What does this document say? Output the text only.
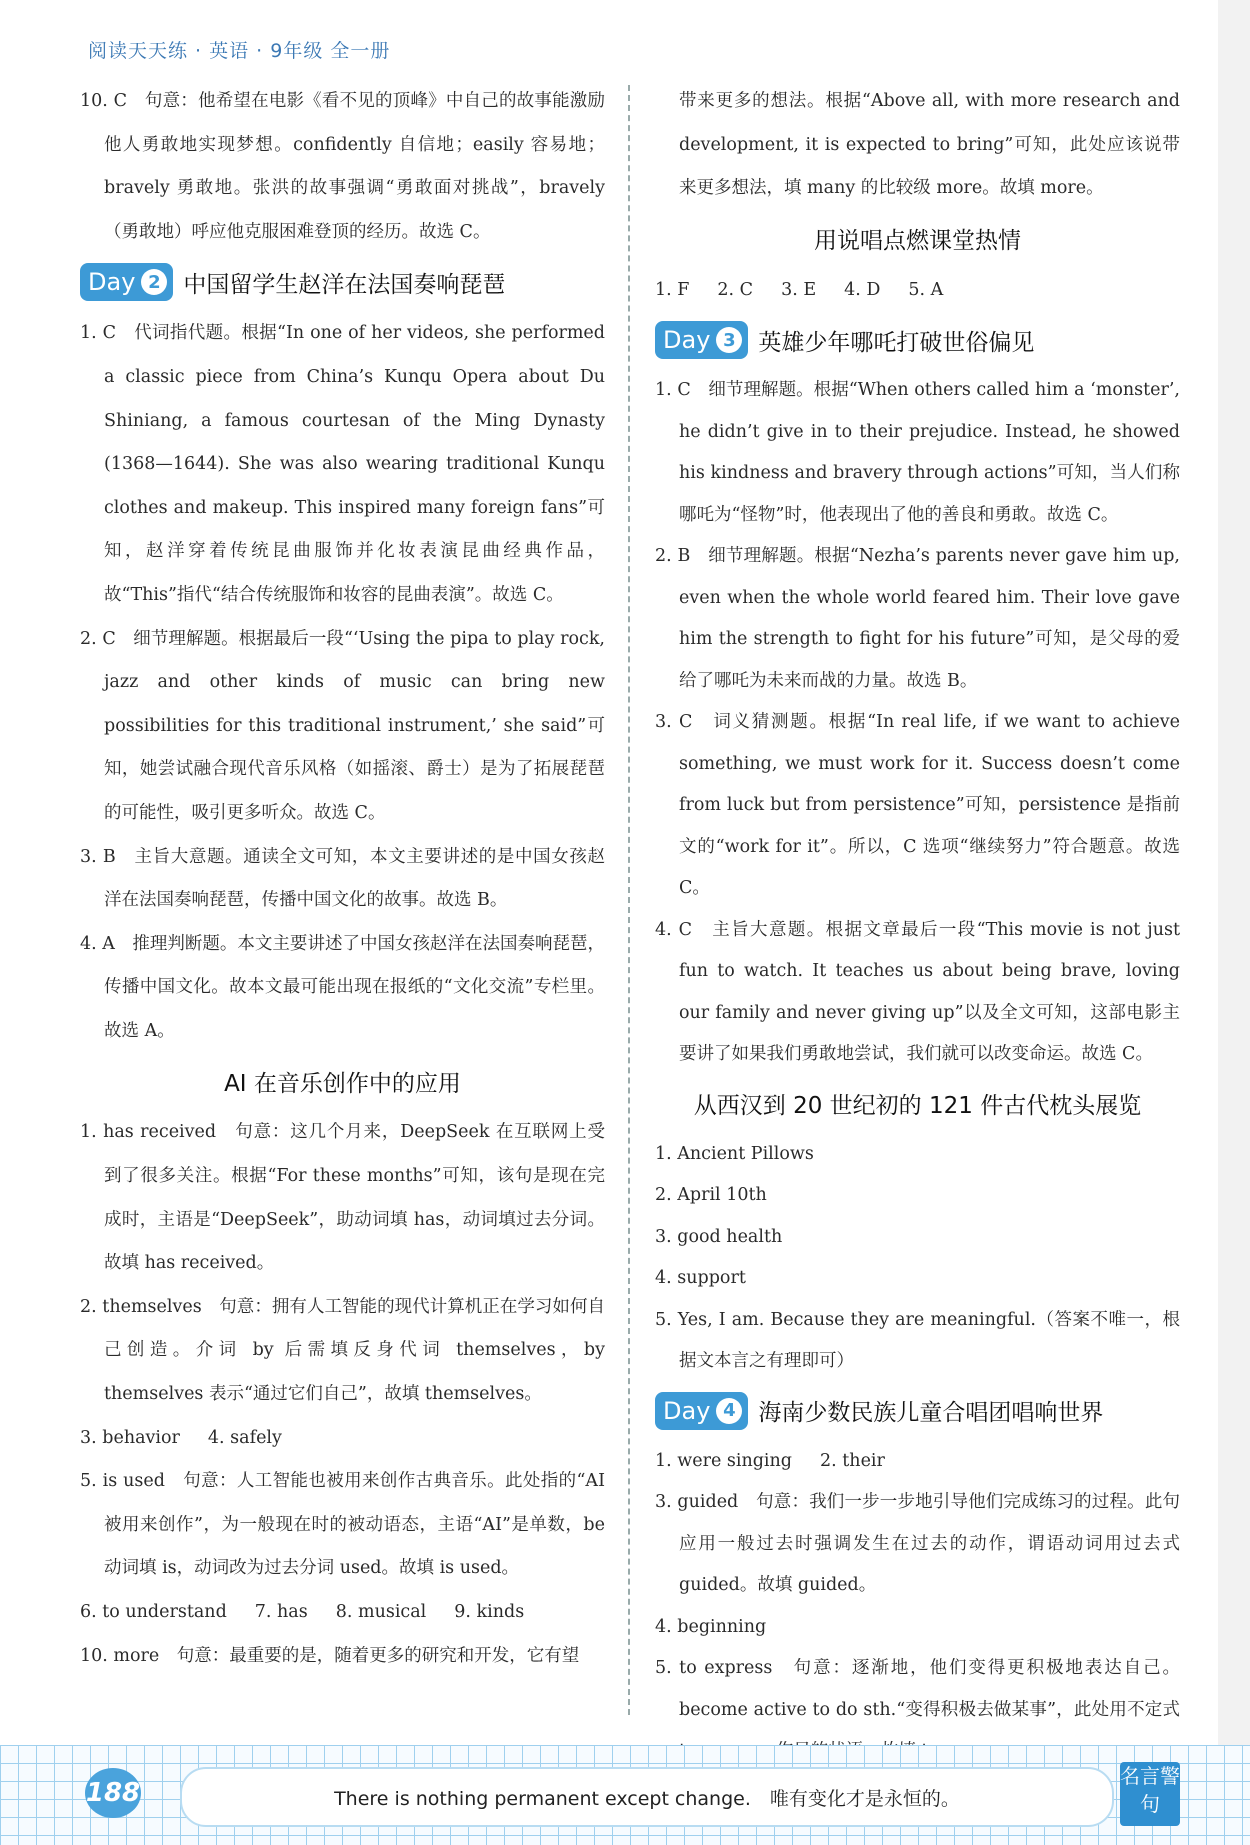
阅读天天练 · 英语 · 9年级 全一册

10. C　句意：他希望在电影《看不见的顶峰》中自己的故事能激励他人勇敢地实现梦想。confidently 自信地；easily 容易地；bravely 勇敢地。张洪的故事强调“勇敢面对挑战”，bravely（勇敢地）呼应他克服困难登顶的经历。故选 C。

Day 2 中国留学生赵洋在法国奏响琵琶

1. C　代词指代题。根据“In one of her videos, she performed a classic piece from China’s Kunqu Opera about Du Shiniang, a famous courtesan of the Ming Dynasty (1368—1644). She was also wearing traditional Kunqu clothes and makeup. This inspired many foreign fans”可知，赵洋穿着传统昆曲服饰并化妆表演昆曲经典作品，故“This”指代“结合传统服饰和妆容的昆曲表演”。故选 C。

2. C　细节理解题。根据最后一段“‘Using the pipa to play rock, jazz and other kinds of music can bring new possibilities for this traditional instrument,’ she said”可知，她尝试融合现代音乐风格（如摇滚、爵士）是为了拓展琵琶的可能性，吸引更多听众。故选 C。

3. B　主旨大意题。通读全文可知，本文主要讲述的是中国女孩赵洋在法国奏响琵琶，传播中国文化的故事。故选 B。

4. A　推理判断题。本文主要讲述了中国女孩赵洋在法国奏响琵琶，传播中国文化。故本文最可能出现在报纸的“文化交流”专栏里。故选 A。

AI 在音乐创作中的应用

1. has received　句意：这几个月来，DeepSeek 在互联网上受到了很多关注。根据“For these months”可知，该句是现在完成时，主语是“DeepSeek”，助动词填 has，动词填过去分词。故填 has received。

2. themselves　句意：拥有人工智能的现代计算机正在学习如何自己创造。介词 by 后需填反身代词 themselves，by themselves 表示“通过它们自己”，故填 themselves。

3. behavior 4. safely

5. is used　句意：人工智能也被用来创作古典音乐。此处指的“AI 被用来创作”，为一般现在时的被动语态，主语“AI”是单数，be 动词填 is，动词改为过去分词 used。故填 is used。

6. to understand 7. has 8. musical 9. kinds

10. more　句意：最重要的是，随着更多的研究和开发，它有望

带来更多的想法。根据“Above all, with more research and development, it is expected to bring”可知，此处应该说带来更多想法，填 many 的比较级 more。故填 more。

用说唱点燃课堂热情
1. F 2. C 3. E 4. D 5. A
Day 3 英雄少年哪吒打破世俗偏见

1. C　细节理解题。根据“When others called him a ‘monster’, he didn’t give in to their prejudice. Instead, he showed his kindness and bravery through actions”可知，当人们称哪吒为“怪物”时，他表现出了他的善良和勇敢。故选 C。

2. B　细节理解题。根据“Nezha’s parents never gave him up, even when the whole world feared him. Their love gave him the strength to fight for his future”可知，是父母的爱给了哪吒为未来而战的力量。故选 B。

3. C　词义猜测题。根据“In real life, if we want to achieve something, we must work for it. Success doesn’t come from luck but from persistence”可知，persistence 是指前文的“work for it”。所以，C 选项“继续努力”符合题意。故选 C。

4. C　主旨大意题。根据文章最后一段“This movie is not just fun to watch. It teaches us about being brave, loving our family and never giving up”以及全文可知，这部电影主要讲了如果我们勇敢地尝试，我们就可以改变命运。故选 C。

从西汉到 20 世纪初的 121 件古代枕头展览

1. Ancient Pillows

2. April 10th

3. good health

4. support

5. Yes, I am. Because they are meaningful.（答案不唯一，根据文本言之有理即可）

Day 4 海南少数民族儿童合唱团唱响世界
1. were singing 2. their

3. guided　句意：我们一步一步地引导他们完成练习的过程。此句应用一般过去时强调发生在过去的动作，谓语动词用过去式 guided。故填 guided。

4. beginning

5. to express　句意：逐渐地，他们变得更积极地表达自己。become active to do sth.“变得积极去做某事”，此处用不定式

188	There is nothing permanent except change.　唯有变化才是永恒的。
名言警句
